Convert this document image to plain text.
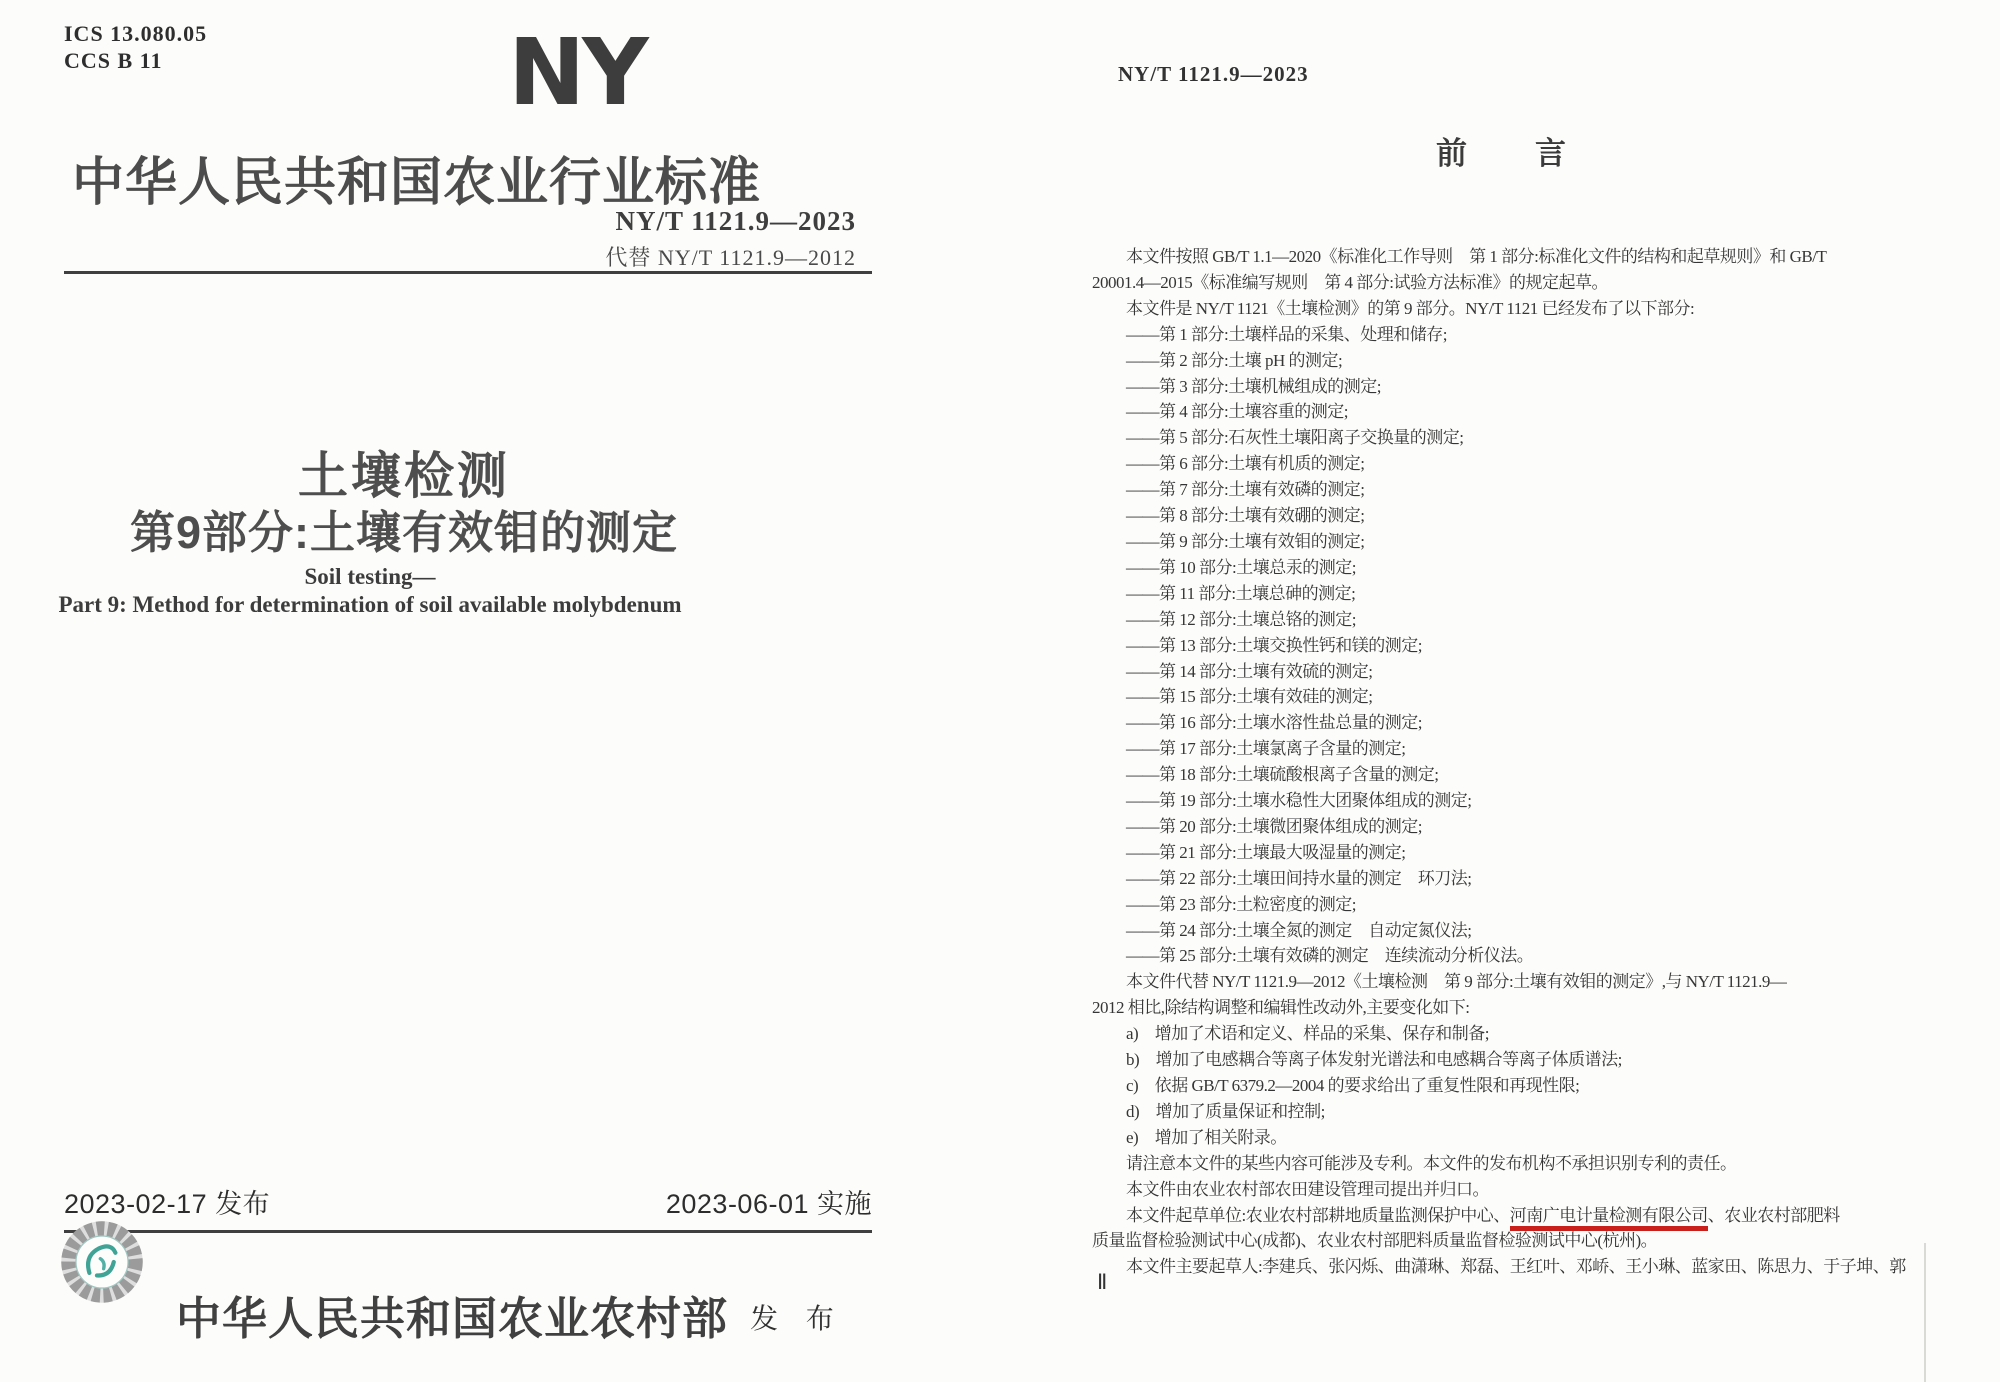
ICS 13.080.05
CCS B 11	NY
中华人民共和国农业行业标准
NY/T 1121.9—2023
代替 NY/T 1121.9—2012
土壤检测
第9部分:土壤有效钼的测定
Soil testing—
Part 9: Method for determination of soil available molybdenum
2023-02-17 发布	2023-06-01 实施
中华人民共和国农业农村部 发 布
NY/T 1121.9—2023
前　　言
本文件按照 GB/T 1.1—2020《标准化工作导则　第 1 部分:标准化文件的结构和起草规则》和 GB/T
20001.4—2015《标准编写规则　第 4 部分:试验方法标准》的规定起草。
本文件是 NY/T 1121《土壤检测》的第 9 部分。NY/T 1121 已经发布了以下部分:
——第 1 部分:土壤样品的采集、处理和储存;
——第 2 部分:土壤 pH 的测定;
——第 3 部分:土壤机械组成的测定;
——第 4 部分:土壤容重的测定;
——第 5 部分:石灰性土壤阳离子交换量的测定;
——第 6 部分:土壤有机质的测定;
——第 7 部分:土壤有效磷的测定;
——第 8 部分:土壤有效硼的测定;
——第 9 部分:土壤有效钼的测定;
——第 10 部分:土壤总汞的测定;
——第 11 部分:土壤总砷的测定;
——第 12 部分:土壤总铬的测定;
——第 13 部分:土壤交换性钙和镁的测定;
——第 14 部分:土壤有效硫的测定;
——第 15 部分:土壤有效硅的测定;
——第 16 部分:土壤水溶性盐总量的测定;
——第 17 部分:土壤氯离子含量的测定;
——第 18 部分:土壤硫酸根离子含量的测定;
——第 19 部分:土壤水稳性大团聚体组成的测定;
——第 20 部分:土壤微团聚体组成的测定;
——第 21 部分:土壤最大吸湿量的测定;
——第 22 部分:土壤田间持水量的测定　环刀法;
——第 23 部分:土粒密度的测定;
——第 24 部分:土壤全氮的测定　自动定氮仪法;
——第 25 部分:土壤有效磷的测定　连续流动分析仪法。
本文件代替 NY/T 1121.9—2012《土壤检测　第 9 部分:土壤有效钼的测定》,与 NY/T 1121.9—
2012 相比,除结构调整和编辑性改动外,主要变化如下:
a)　增加了术语和定义、样品的采集、保存和制备;
b)　增加了电感耦合等离子体发射光谱法和电感耦合等离子体质谱法;
c)　依据 GB/T 6379.2—2004 的要求给出了重复性限和再现性限;
d)　增加了质量保证和控制;
e)　增加了相关附录。
请注意本文件的某些内容可能涉及专利。本文件的发布机构不承担识别专利的责任。
本文件由农业农村部农田建设管理司提出并归口。
本文件起草单位:农业农村部耕地质量监测保护中心、河南广电计量检测有限公司、农业农村部肥料
质量监督检验测试中心(成都)、农业农村部肥料质量监督检验测试中心(杭州)。
本文件主要起草人:李建兵、张闪烁、曲潇琳、郑磊、王红叶、邓峤、王小琳、蓝家田、陈思力、于子坤、郭
Ⅱ
